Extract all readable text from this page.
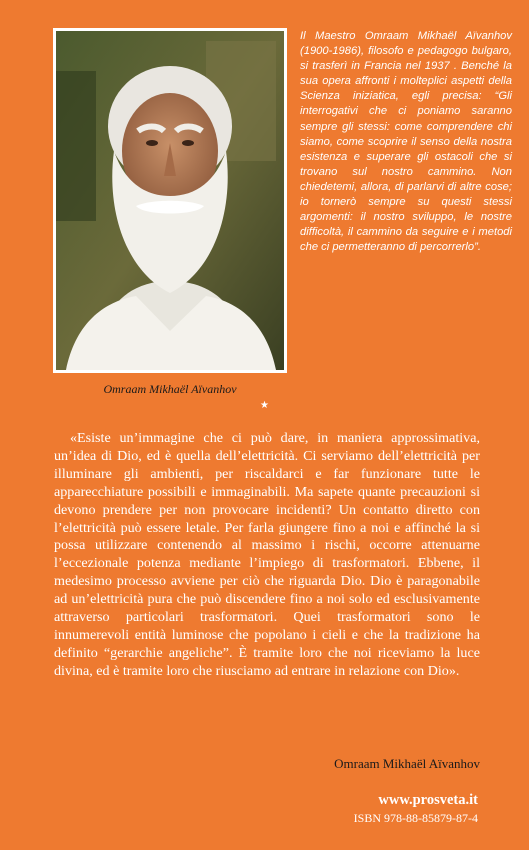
Omraam Mikhaël Aïvanhov

Il Maestro Omraam Mikhaël Aïvanhov (1900-1986), filosofo e pedagogo bulgaro, si trasferì in Francia nel 1937 . Benché la sua opera affronti i molteplici aspetti della Scienza iniziatica, egli precisa: “Gli interrogativi che ci poniamo saranno sempre gli stessi: come comprendere chi siamo, come scoprire il senso della nostra esistenza e superare gli ostacoli che si trovano sul nostro cammino. Non chiedetemi, allora, di parlarvi di altre cose; io tornerò sempre su questi stessi argomenti: il nostro sviluppo, le nostre difficoltà, il cammino da seguire e i metodi che ci permetteranno di percorrerlo”.

★

«Esiste un’immagine che ci può dare, in maniera approssimativa, un’idea di Dio, ed è quella dell’elettricità. Ci serviamo dell’elettricità per illuminare gli ambienti, per riscaldarci e far funzionare tutte le apparecchiature possibili e immaginabili. Ma sapete quante precauzioni si devono prendere per non provocare incidenti? Un contatto diretto con l’elettricità può essere letale. Per farla giungere fino a noi e affinché la si possa utilizzare contenendo al massimo i rischi, occorre attenuarne l’eccezionale potenza mediante l’impiego di trasformatori. Ebbene, il medesimo processo avviene per ciò che riguarda Dio. Dio è paragonabile ad un’elettricità pura che può discendere fino a noi solo ed esclusivamente attraverso particolari trasformatori. Quei trasformatori sono le innumerevoli entità luminose che popolano i cieli e che la tradizione ha definito “gerarchie angeliche”. È tramite loro che noi riceviamo la luce divina, ed è tramite loro che riusciamo ad entrare in relazione con Dio».

Omraam Mikhaël Aïvanhov

www.prosveta.it

ISBN 978-88-85879-87-4
